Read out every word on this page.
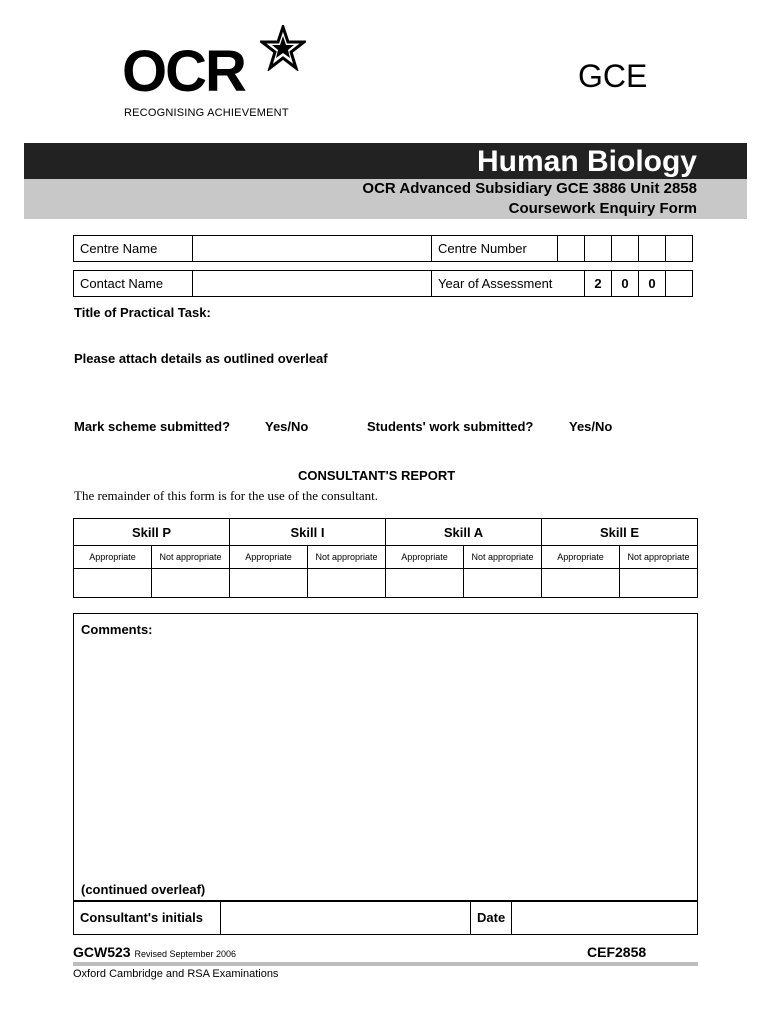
OCR
RECOGNISING ACHIEVEMENT
GCE
Human Biology
OCR Advanced Subsidiary GCE 3886 Unit 2858
Coursework Enquiry Form
Centre Name		Centre Number					
Contact Name		Year of Assessment	2	0	0	
Title of Practical Task:
Please attach details as outlined overleaf
Mark scheme submitted?	Yes/No	Students' work submitted?	Yes/No
CONSULTANT'S REPORT
The remainder of this form is for the use of the consultant.
Skill P		Skill I		Skill A		Skill E	
Appropriate	Not appropriate	Appropriate	Not appropriate	Appropriate	Not appropriate	Appropriate	Not appropriate

Comments:
(continued overleaf)
Consultant's initials		Date	
GCW523 Revised September 2006	CEF2858
Oxford Cambridge and RSA Examinations
